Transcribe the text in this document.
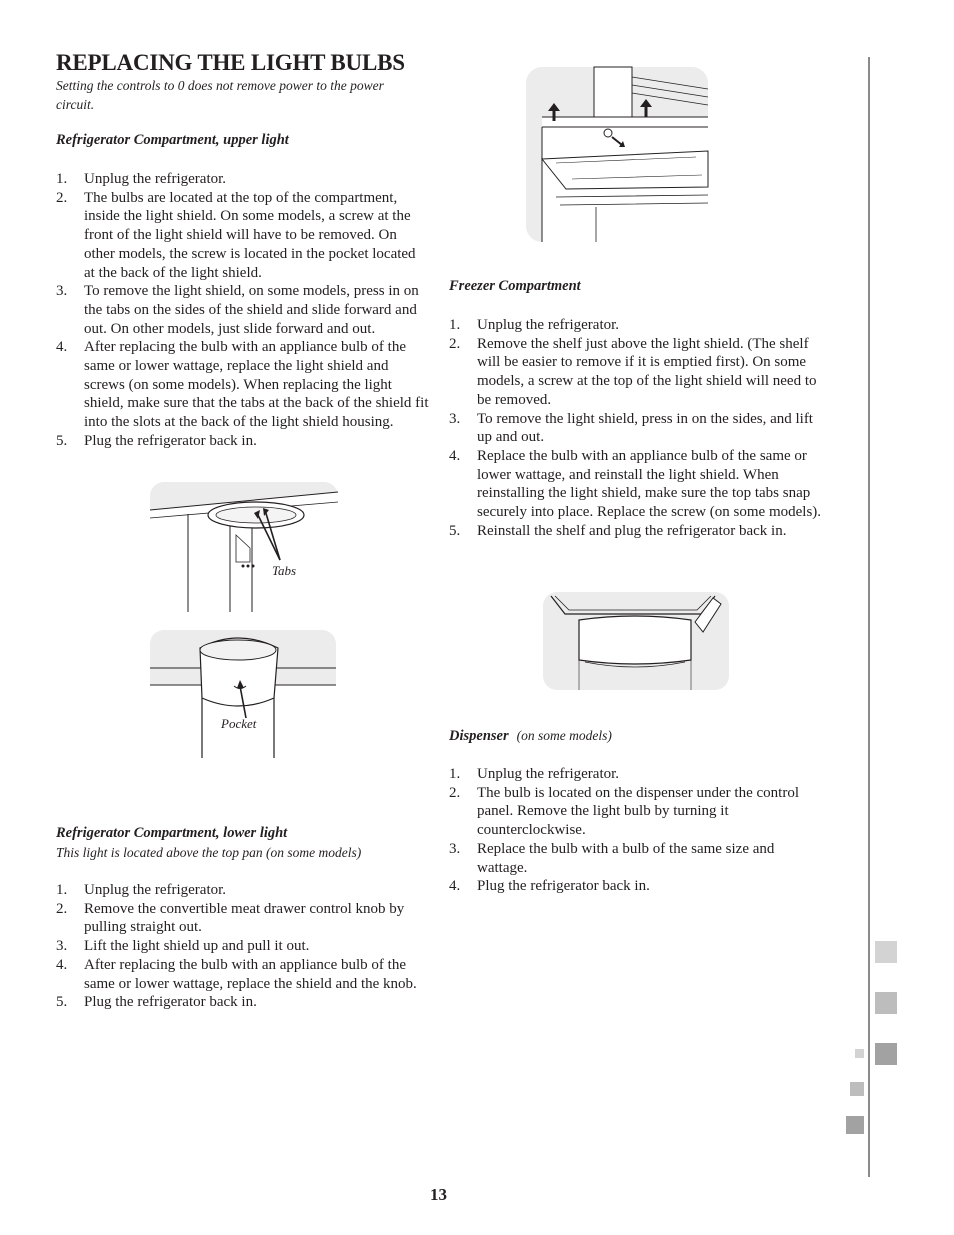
REPLACING THE LIGHT BULBS
Setting the controls to 0 does not remove power to the power circuit.
Refrigerator Compartment, upper light
1. Unplug the refrigerator.
2. The bulbs are located at the top of the compartment, inside the light shield. On some models, a screw at the front of the light shield will have to be removed. On other models, the screw is located in the pocket located at the back of the light shield.
3. To remove the light shield, on some models, press in on the tabs on the sides of the shield and slide forward and out. On other models, just slide forward and out.
4. After replacing the bulb with an appliance bulb of the same or lower wattage, replace the light shield and screws (on some models). When replacing the light shield, make sure that the tabs at the back of the shield fit into the slots at the back of the light shield housing.
5. Plug the refrigerator back in.
Tabs
Pocket
Refrigerator Compartment, lower light
This light is located above the top pan (on some models)
1. Unplug the refrigerator.
2. Remove the convertible meat drawer control knob by pulling straight out.
3. Lift the light shield up and pull it out.
4. After replacing the bulb with an appliance bulb of the same or lower wattage, replace the shield and the knob.
5. Plug the refrigerator back in.
Freezer Compartment
1. Unplug the refrigerator.
2. Remove the shelf just above the light shield. (The shelf will be easier to remove if it is emptied first). On some models, a screw at the top of the light shield will need to be removed.
3. To remove the light shield, press in on the sides, and lift up and out.
4. Replace the bulb with an appliance bulb of the same or lower wattage, and reinstall the light shield. When reinstalling the light shield, make sure the top tabs snap securely into place. Replace the screw (on some models).
5. Reinstall the shelf and plug the refrigerator back in.
Dispenser (on some models)
1. Unplug the refrigerator.
2. The bulb is located on the dispenser under the control panel. Remove the light bulb by turning it counterclockwise.
3. Replace the bulb with a bulb of the same size and wattage.
4. Plug the refrigerator back in.
13
